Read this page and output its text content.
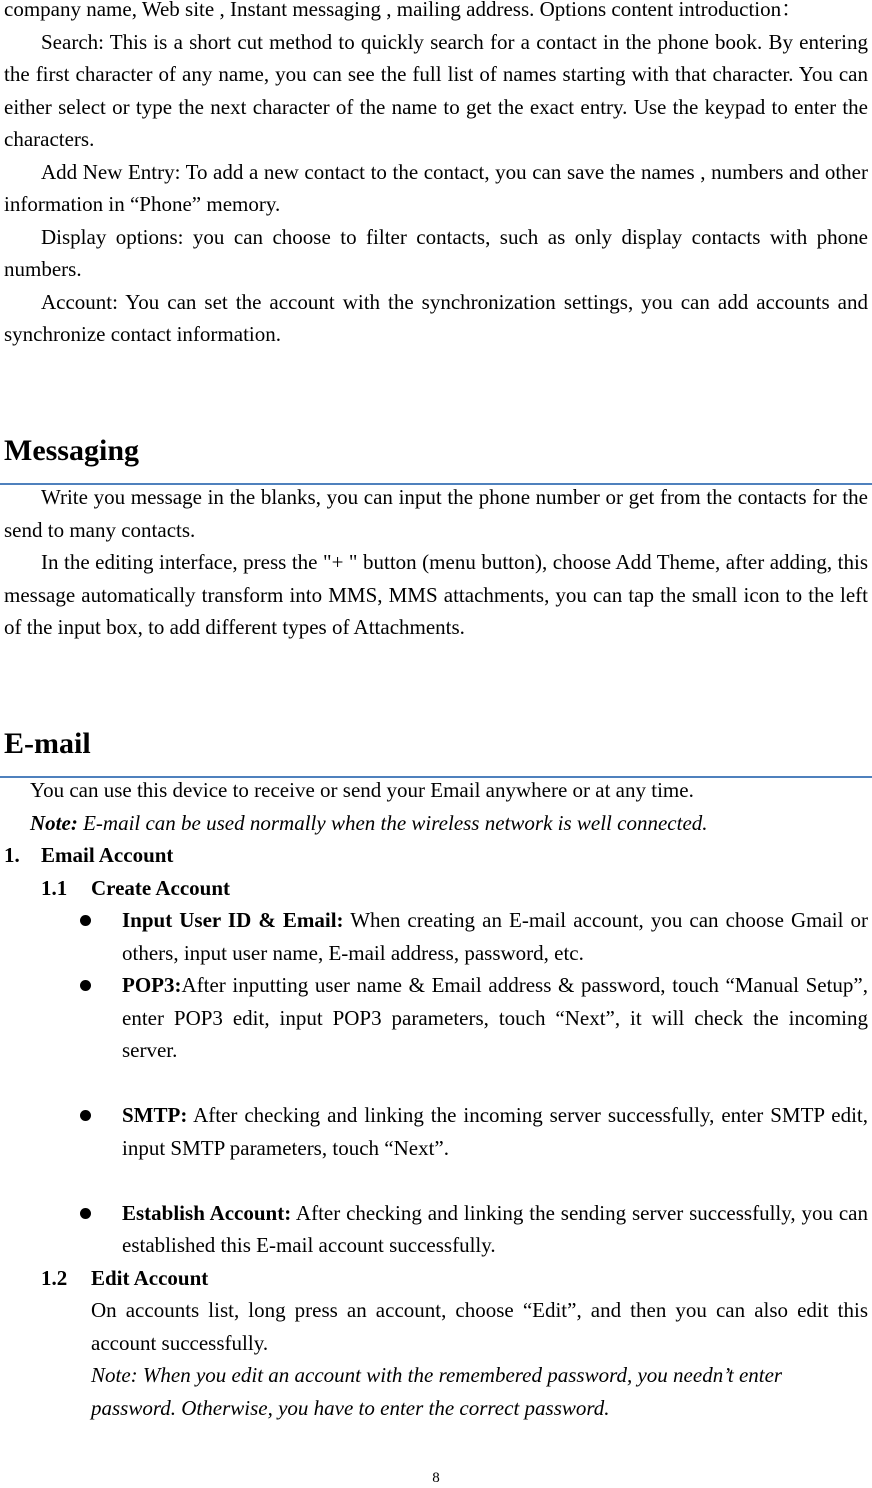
company name, Web site , Instant messaging , mailing address. Options content introduction：

Search: This is a short cut method to quickly search for a contact in the phone book. By entering the first character of any name, you can see the full list of names starting with that character. You can either select or type the next character of the name to get the exact entry. Use the keypad to enter the characters.

Add New Entry: To add a new contact to the contact, you can save the names , numbers and other information in “Phone” memory.

Display options: you can choose to filter contacts, such as only display contacts with phone numbers.

Account: You can set the account with the synchronization settings, you can add accounts and synchronize contact information.

Messaging

Write you message in the blanks, you can input the phone number or get from the contacts for the send to many contacts.

In the editing interface, press the "+ " button (menu button), choose Add Theme, after adding, this message automatically transform into MMS, MMS attachments, you can tap the small icon to the left of the input box, to add different types of Attachments.

E-mail

You can use this device to receive or send your Email anywhere or at any time.

Note: E-mail can be used normally when the wireless network is well connected.

1.	Email Account
1.1	Create Account
Input User ID & Email: When creating an E-mail account, you can choose Gmail or others, input user name, E-mail address, password, etc.
POP3:After inputting user name & Email address & password, touch “Manual Setup”, enter POP3 edit, input POP3 parameters, touch “Next”, it will check the incoming server.
SMTP: After checking and linking the incoming server successfully, enter SMTP edit, input SMTP parameters, touch “Next”.
Establish Account: After checking and linking the sending server successfully, you can established this E-mail account successfully.
1.2	Edit Account

On accounts list, long press an account, choose “Edit”, and then you can also edit this account successfully.

Note: When you edit an account with the remembered password, you needn’t enter password. Otherwise, you have to enter the correct password.

8
